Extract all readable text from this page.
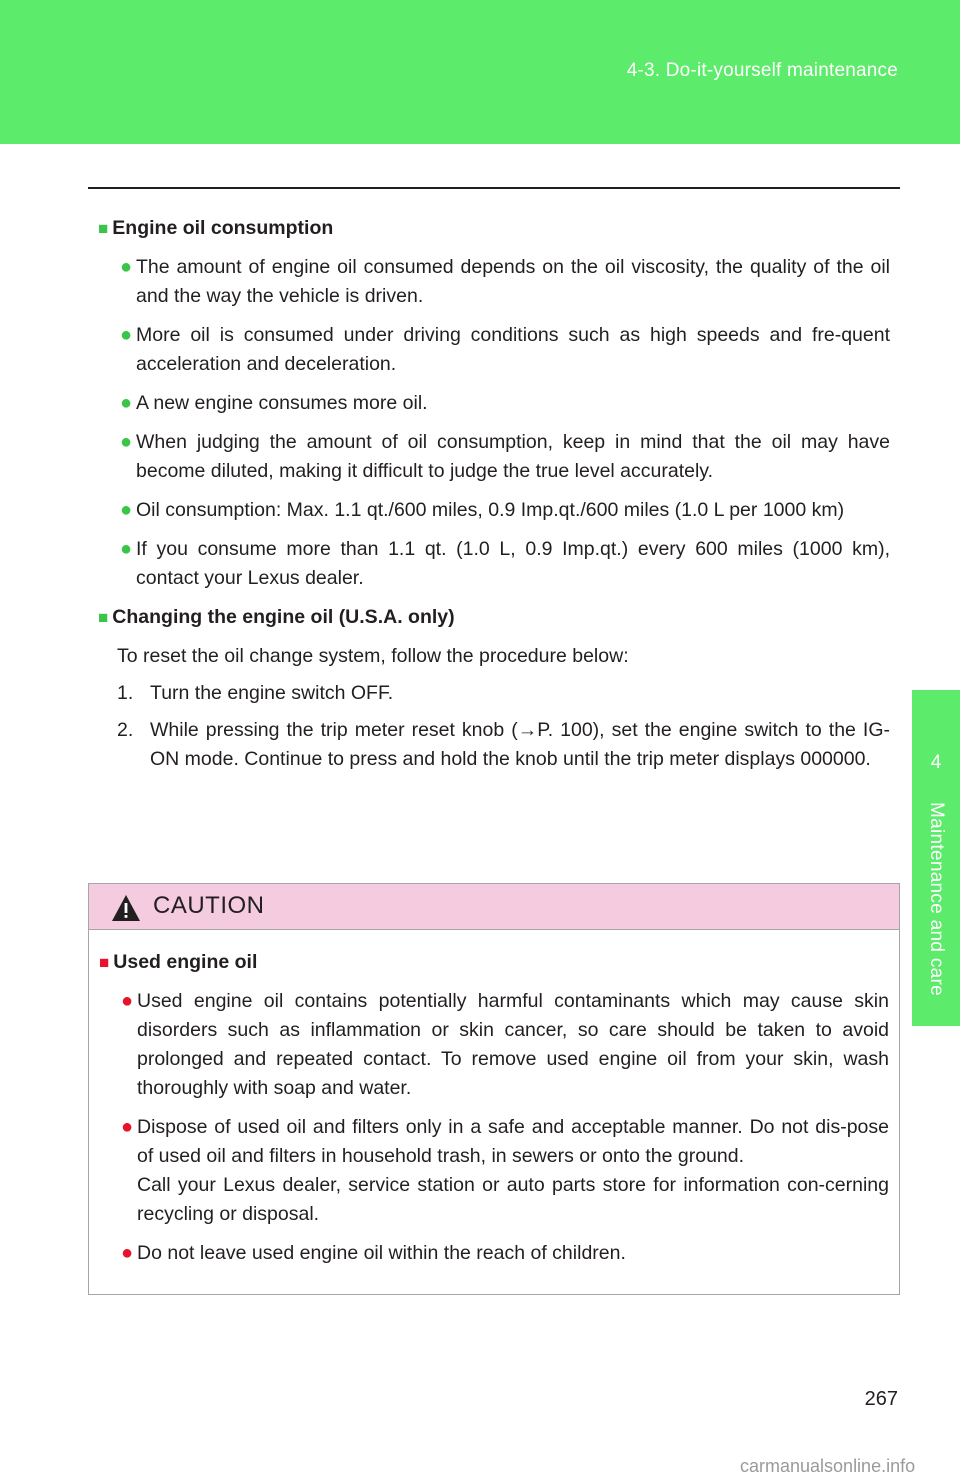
4-3. Do-it-yourself maintenance
4
Maintenance and care
■ Engine oil consumption
● The amount of engine oil consumed depends on the oil viscosity, the quality of the oil and the way the vehicle is driven.
● More oil is consumed under driving conditions such as high speeds and fre-quent acceleration and deceleration.
● A new engine consumes more oil.
● When judging the amount of oil consumption, keep in mind that the oil may have become diluted, making it difficult to judge the true level accurately.
● Oil consumption: Max. 1.1 qt./600 miles, 0.9 Imp.qt./600 miles (1.0 L per 1000 km)
● If you consume more than 1.1 qt. (1.0 L, 0.9 Imp.qt.) every 600 miles (1000 km), contact your Lexus dealer.
■ Changing the engine oil (U.S.A. only)
To reset the oil change system, follow the procedure below:
1. Turn the engine switch OFF.
2. While pressing the trip meter reset knob (→P. 100), set the engine switch to the IG-ON mode. Continue to press and hold the knob until the trip meter displays 000000.
CAUTION
■ Used engine oil
● Used engine oil contains potentially harmful contaminants which may cause skin disorders such as inflammation or skin cancer, so care should be taken to avoid prolonged and repeated contact. To remove used engine oil from your skin, wash thoroughly with soap and water.
● Dispose of used oil and filters only in a safe and acceptable manner. Do not dis-pose of used oil and filters in household trash, in sewers or onto the ground.
Call your Lexus dealer, service station or auto parts store for information con-cerning recycling or disposal.
● Do not leave used engine oil within the reach of children.
267
carmanualsonline.info
